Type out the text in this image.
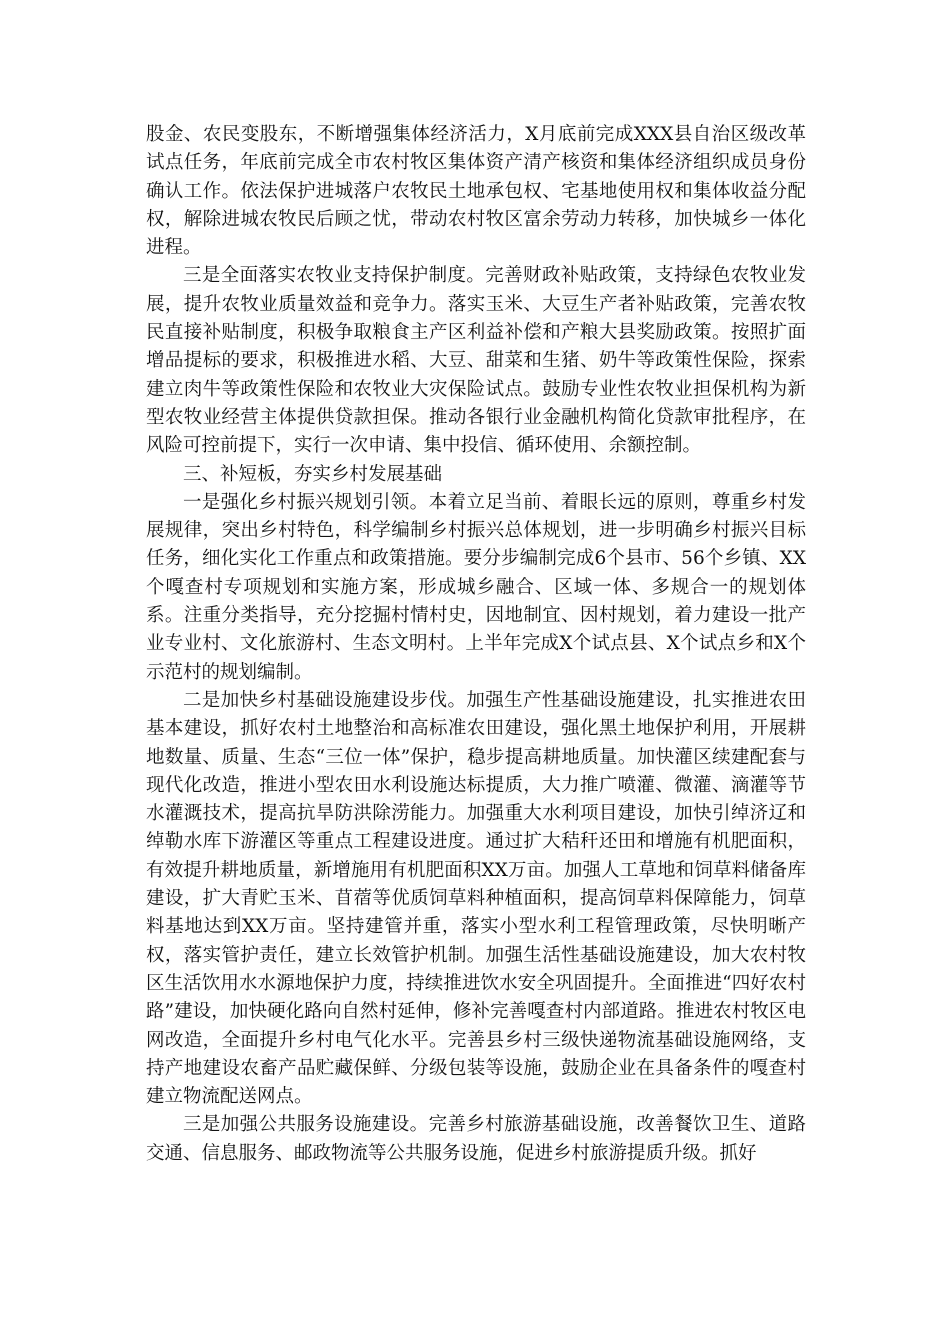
股金、农民变股东，不断增强集体经济活力，X月底前完成XXX县自治区级改革试点任务，年底前完成全市农村牧区集体资产清产核资和集体经济组织成员身份确认工作。依法保护进城落户农牧民土地承包权、宅基地使用权和集体收益分配权，解除进城农牧民后顾之忧，带动农村牧区富余劳动力转移，加快城乡一体化进程。

三是全面落实农牧业支持保护制度。完善财政补贴政策，支持绿色农牧业发展，提升农牧业质量效益和竞争力。落实玉米、大豆生产者补贴政策，完善农牧民直接补贴制度，积极争取粮食主产区利益补偿和产粮大县奖励政策。按照扩面增品提标的要求，积极推进水稻、大豆、甜菜和生猪、奶牛等政策性保险，探索建立肉牛等政策性保险和农牧业大灾保险试点。鼓励专业性农牧业担保机构为新型农牧业经营主体提供贷款担保。推动各银行业金融机构简化贷款审批程序，在风险可控前提下，实行一次申请、集中投信、循环使用、余额控制。

三、补短板，夯实乡村发展基础

一是强化乡村振兴规划引领。本着立足当前、着眼长远的原则，尊重乡村发展规律，突出乡村特色，科学编制乡村振兴总体规划，进一步明确乡村振兴目标任务，细化实化工作重点和政策措施。要分步编制完成6个县市、56个乡镇、XX个嘎查村专项规划和实施方案，形成城乡融合、区域一体、多规合一的规划体系。注重分类指导，充分挖掘村情村史，因地制宜、因村规划，着力建设一批产业专业村、文化旅游村、生态文明村。上半年完成X个试点县、X个试点乡和X个示范村的规划编制。

二是加快乡村基础设施建设步伐。加强生产性基础设施建设，扎实推进农田基本建设，抓好农村土地整治和高标准农田建设，强化黑土地保护利用，开展耕地数量、质量、生态“三位一体”保护，稳步提高耕地质量。加快灌区续建配套与现代化改造，推进小型农田水利设施达标提质，大力推广喷灌、微灌、滴灌等节水灌溉技术，提高抗旱防洪除涝能力。加强重大水利项目建设，加快引绰济辽和绰勒水库下游灌区等重点工程建设进度。通过扩大秸秆还田和增施有机肥面积，有效提升耕地质量，新增施用有机肥面积XX万亩。加强人工草地和饲草料储备库建设，扩大青贮玉米、苜蓿等优质饲草料种植面积，提高饲草料保障能力，饲草料基地达到XX万亩。坚持建管并重，落实小型水利工程管理政策，尽快明晰产权，落实管护责任，建立长效管护机制。加强生活性基础设施建设，加大农村牧区生活饮用水水源地保护力度，持续推进饮水安全巩固提升。全面推进“四好农村路”建设，加快硬化路向自然村延伸，修补完善嘎查村内部道路。推进农村牧区电网改造，全面提升乡村电气化水平。完善县乡村三级快递物流基础设施网络，支持产地建设农畜产品贮藏保鲜、分级包装等设施，鼓励企业在具备条件的嘎查村建立物流配送网点。

三是加强公共服务设施建设。完善乡村旅游基础设施，改善餐饮卫生、道路交通、信息服务、邮政物流等公共服务设施，促进乡村旅游提质升级。抓好
